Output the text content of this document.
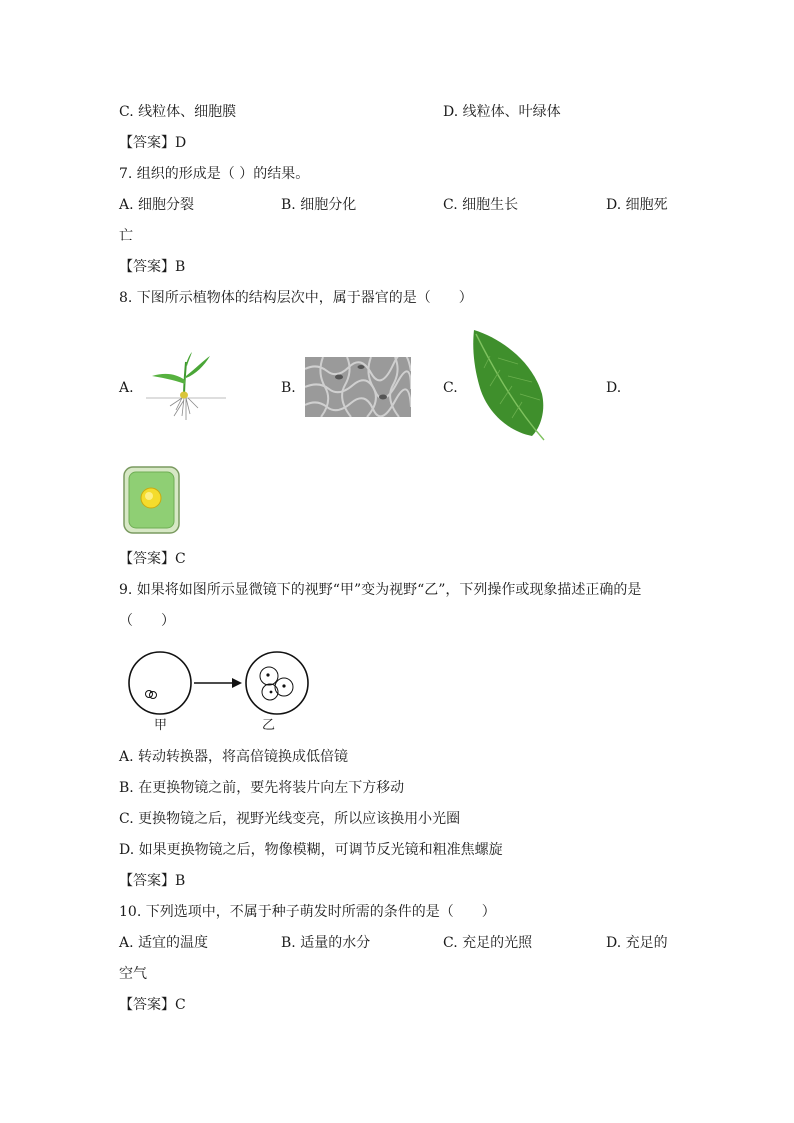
C. 线粒体、细胞膜	D. 线粒体、叶绿体
【答案】D
7. 组织的形成是（ ）的结果。
A. 细胞分裂	B. 细胞分化	C. 细胞生长	D. 细胞死
亡
【答案】B
8. 下图所示植物体的结构层次中，属于器官的是（　　）
A.	B.	C.	D.
【答案】C
9. 如果将如图所示显微镜下的视野“甲”变为视野“乙”，下列操作或现象描述正确的是
（　　）
甲	乙
A. 转动转换器，将高倍镜换成低倍镜
B. 在更换物镜之前，要先将装片向左下方移动
C. 更换物镜之后，视野光线变亮，所以应该换用小光圈
D. 如果更换物镜之后，物像模糊，可调节反光镜和粗准焦螺旋
【答案】B
10. 下列选项中，不属于种子萌发时所需的条件的是（　　）
A. 适宜的温度	B. 适量的水分	C. 充足的光照	D. 充足的
空气
【答案】C
